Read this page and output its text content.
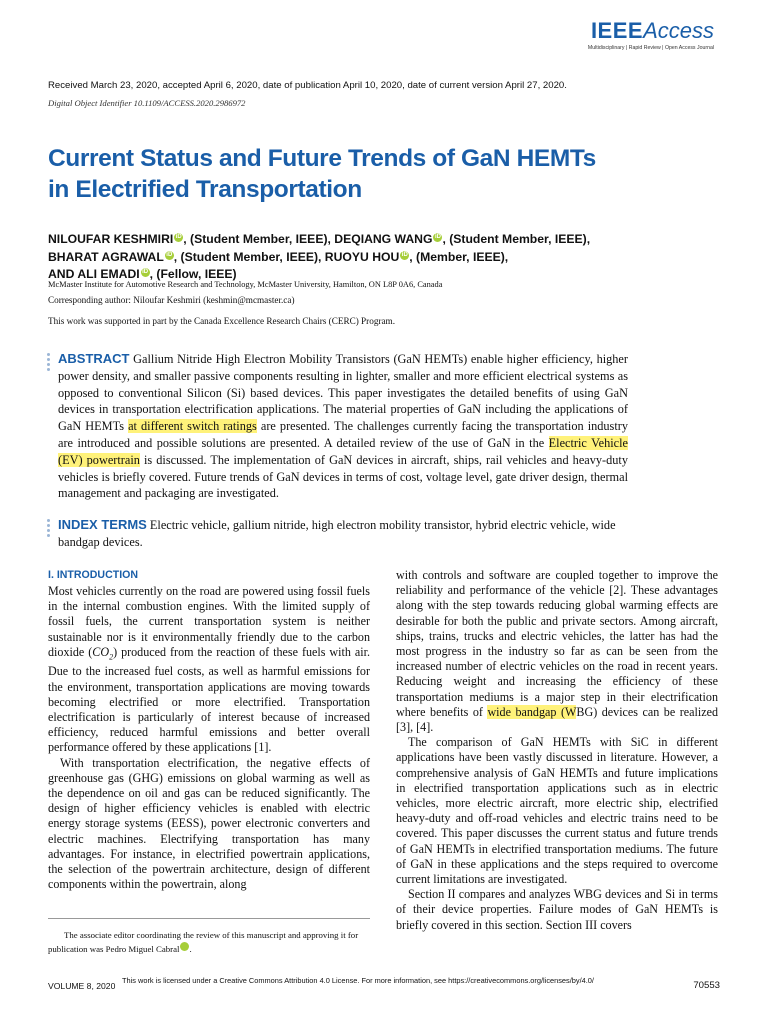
IEEEAccess
Multidisciplinary | Rapid Review | Open Access Journal
Received March 23, 2020, accepted April 6, 2020, date of publication April 10, 2020, date of current version April 27, 2020.
Digital Object Identifier 10.1109/ACCESS.2020.2986972
Current Status and Future Trends of GaN HEMTs
in Electrified Transportation
NILOUFAR KESHMIRI iD , (Student Member, IEEE), DEQIANG WANG iD , (Student Member, IEEE),
BHARAT AGRAWAL iD , (Student Member, IEEE), RUOYU HOU iD , (Member, IEEE),
AND ALI EMADI iD , (Fellow, IEEE)
McMaster Institute for Automotive Research and Technology, McMaster University, Hamilton, ON L8P 0A6, Canada
Corresponding author: Niloufar Keshmiri (keshmin@mcmaster.ca)
This work was supported in part by the Canada Excellence Research Chairs (CERC) Program.
ABSTRACT Gallium Nitride High Electron Mobility Transistors (GaN HEMTs) enable higher efficiency, higher power density, and smaller passive components resulting in lighter, smaller and more efficient electrical systems as opposed to conventional Silicon (Si) based devices. This paper investigates the detailed benefits of using GaN devices in transportation electrification applications. The material properties of GaN including the applications of GaN HEMTs at different switch ratings are presented. The challenges currently facing the transportation industry are introduced and possible solutions are presented. A detailed review of the use of GaN in the Electric Vehicle (EV) powertrain is discussed. The implementation of GaN devices in aircraft, ships, rail vehicles and heavy-duty vehicles is briefly covered. Future trends of GaN devices in terms of cost, voltage level, gate driver design, thermal management and packaging are investigated.
INDEX TERMS Electric vehicle, gallium nitride, high electron mobility transistor, hybrid electric vehicle, wide bandgap devices.
I. INTRODUCTION

Most vehicles currently on the road are powered using fossil fuels in the internal combustion engines. With the limited supply of fossil fuels, the current transportation system is neither sustainable nor is it environmentally friendly due to the carbon dioxide $(CO_2)$ produced from the reaction of these fuels with air. Due to the increased fuel costs, as well as harmful emissions for the environment, transportation applications are moving towards becoming electrified or more electrified. Transportation electrification is particularly of interest because of increased efficiency, reduced harmful emissions and better overall performance offered by these applications [1].

With transportation electrification, the negative effects of greenhouse gas (GHG) emissions on global warming as well as the dependence on oil and gas can be reduced significantly. The design of higher efficiency vehicles is enabled with electric energy storage systems (EESS), power electronic converters and electric machines. Electrifying transportation has many advantages. For instance, in electrified powertrain applications, the selection of the powertrain architecture, design of different components within the powertrain, along

with controls and software are coupled together to improve the reliability and performance of the vehicle [2]. These advantages along with the step towards reducing global warming effects are desirable for both the public and private sectors. Among aircraft, ships, trains, trucks and electric vehicles, the latter has had the most progress in the industry so far as can be seen from the increased number of electric vehicles on the road in recent years. Reducing weight and increasing the efficiency of these transportation mediums is a major step in their electrification where benefits of wide bandgap (WBG) devices can be realized [3], [4].

The comparison of GaN HEMTs with SiC in different applications have been vastly discussed in literature. However, a comprehensive analysis of GaN HEMTs and future implications in electrified transportation applications such as in electric vehicles, more electric aircraft, more electric ship, electrified heavy-duty and off-road vehicles and electric trains need to be covered. This paper discusses the current status and future trends of GaN HEMTs in electrified transportation mediums. The future of GaN in these applications and the steps required to overcome current limitations are investigated.

Section II compares and analyzes WBG devices and Si in terms of their device properties. Failure modes of GaN HEMTs is briefly covered in this section. Section III covers

The associate editor coordinating the review of this manuscript and approving it for publication was Pedro Miguel Cabral	iD.
VOLUME 8, 2020
This work is licensed under a Creative Commons Attribution 4.0 License. For more information, see https://creativecommons.org/licenses/by/4.0/	70553
